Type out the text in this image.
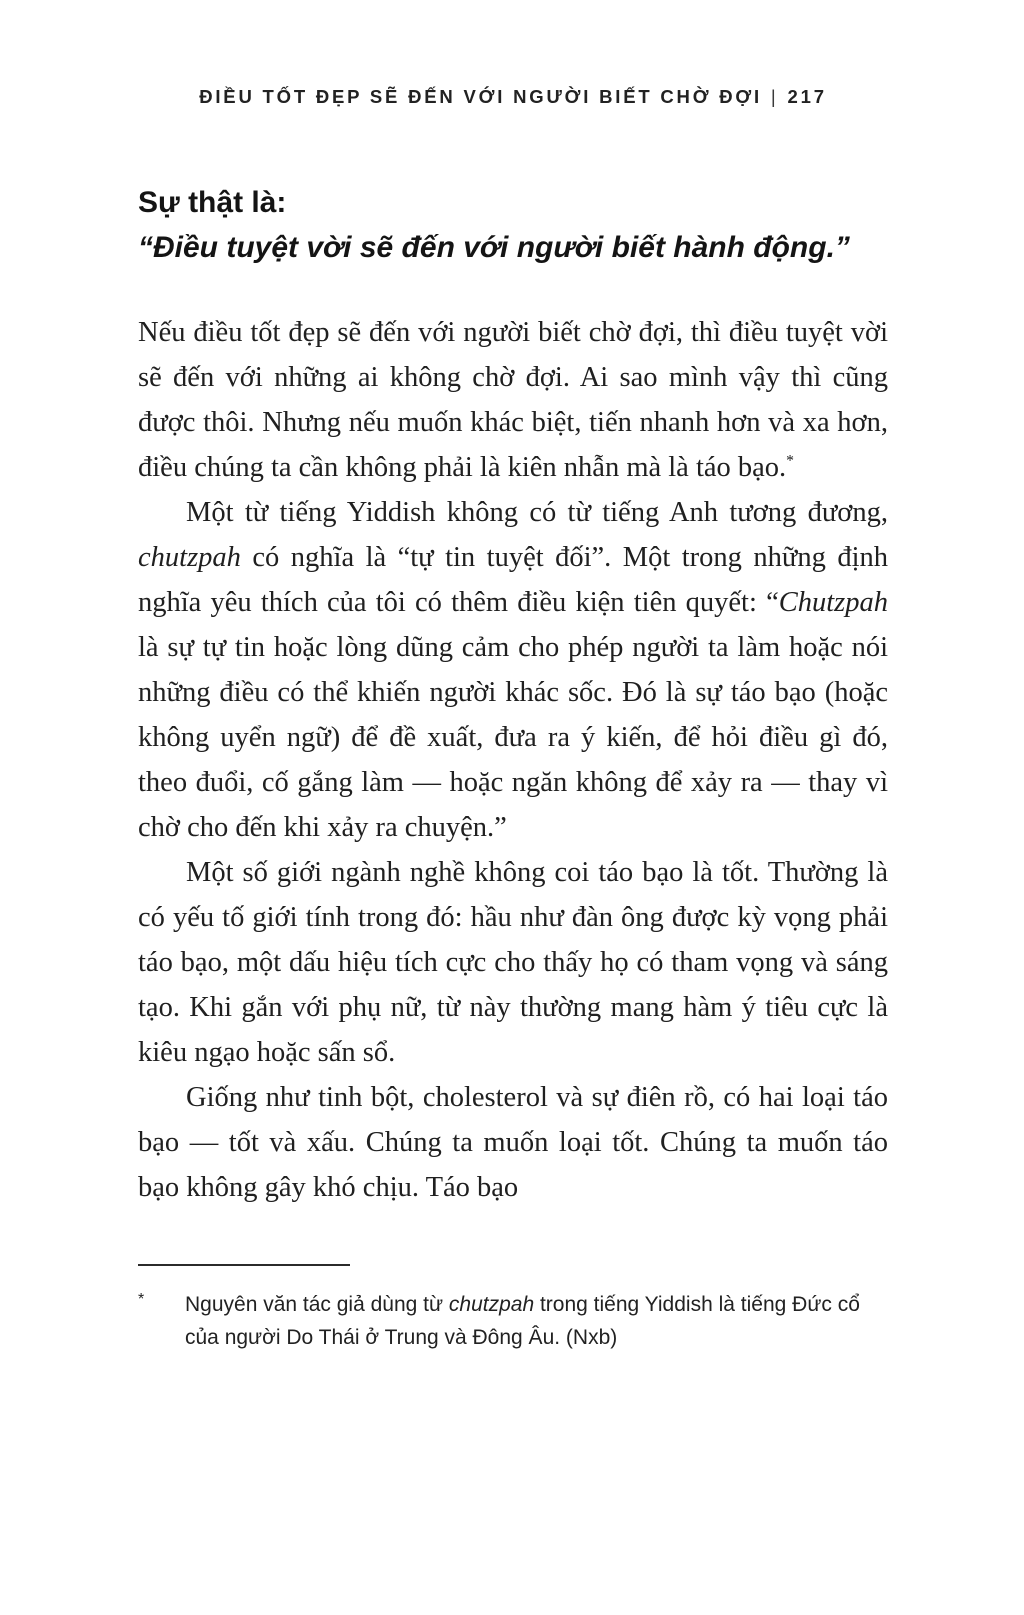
ĐIỀU TỐT ĐẸP SẼ ĐẾN VỚI NGƯỜI BIẾT CHỜ ĐỢI | 217
Sự thật là:
“Điều tuyệt vời sẽ đến với người biết hành động.”

Nếu điều tốt đẹp sẽ đến với người biết chờ đợi, thì điều tuyệt vời sẽ đến với những ai không chờ đợi. Ai sao mình vậy thì cũng được thôi. Nhưng nếu muốn khác biệt, tiến nhanh hơn và xa hơn, điều chúng ta cần không phải là kiên nhẫn mà là táo bạo.*

Một từ tiếng Yiddish không có từ tiếng Anh tương đương, chutzpah có nghĩa là “tự tin tuyệt đối”. Một trong những định nghĩa yêu thích của tôi có thêm điều kiện tiên quyết: “Chutzpah là sự tự tin hoặc lòng dũng cảm cho phép người ta làm hoặc nói những điều có thể khiến người khác sốc. Đó là sự táo bạo (hoặc không uyển ngữ) để đề xuất, đưa ra ý kiến, để hỏi điều gì đó, theo đuổi, cố gắng làm — hoặc ngăn không để xảy ra — thay vì chờ cho đến khi xảy ra chuyện.”

Một số giới ngành nghề không coi táo bạo là tốt. Thường là có yếu tố giới tính trong đó: hầu như đàn ông được kỳ vọng phải táo bạo, một dấu hiệu tích cực cho thấy họ có tham vọng và sáng tạo. Khi gắn với phụ nữ, từ này thường mang hàm ý tiêu cực là kiêu ngạo hoặc sấn sổ.

Giống như tinh bột, cholesterol và sự điên rồ, có hai loại táo bạo — tốt và xấu. Chúng ta muốn loại tốt. Chúng ta muốn táo bạo không gây khó chịu. Táo bạo

*	Nguyên văn tác giả dùng từ chutzpah trong tiếng Yiddish là tiếng Đức cổ của người Do Thái ở Trung và Đông Âu. (Nxb)
